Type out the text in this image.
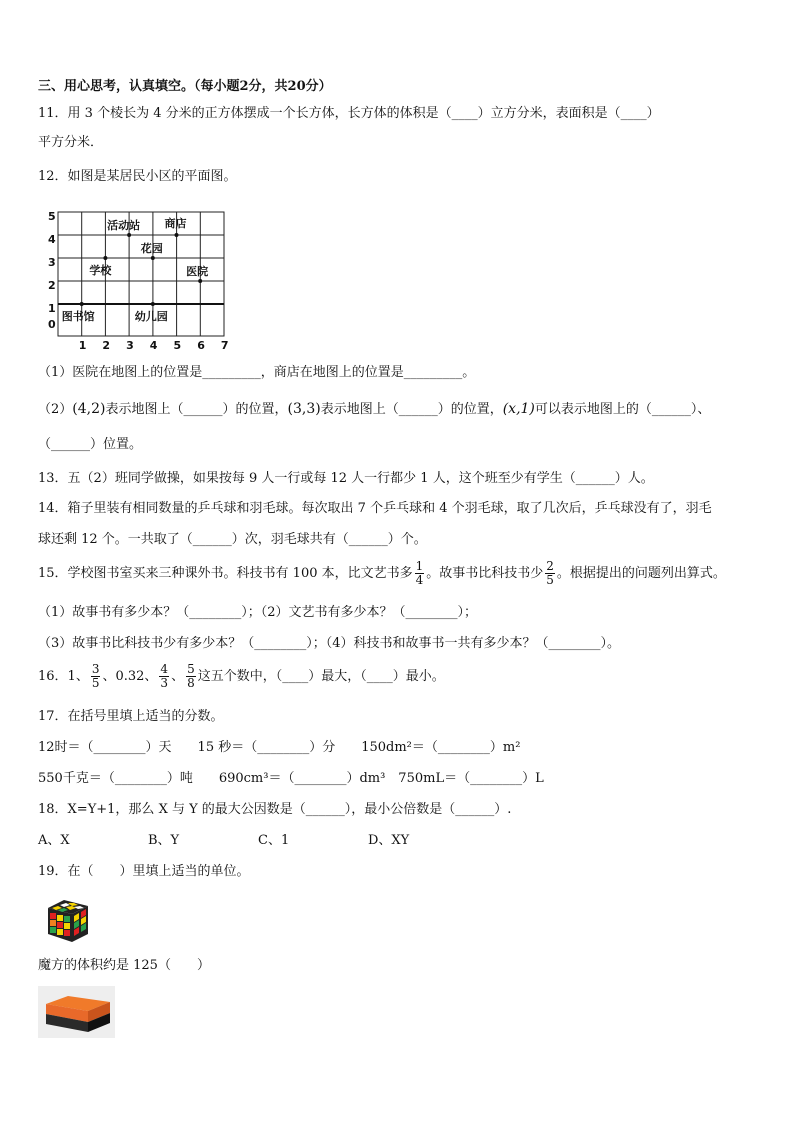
三、用心思考，认真填空。（每小题2分，共20分）
11．用 3 个棱长为 4 分米的正方体摆成一个长方体，长方体的体积是（____）立方分米，表面积是（____）
平方分米．
12．如图是某居民小区的平面图。
1 2 3 4 5 6 7
0
1
2
3
4
5
图书馆
学校
幼儿园
活动站 商店
花园
医院
（1）医院在地图上的位置是_________，商店在地图上的位置是_________。
（2）(4,2)表示地图上（______）的位置，(3,3)表示地图上（______）的位置，(x,1)可以表示地图上的（______）、
（______）位置。
13．五（2）班同学做操，如果按每 9 人一行或每 12 人一行都少 1 人，这个班至少有学生（______）人。
14．箱子里装有相同数量的乒乓球和羽毛球。每次取出 7 个乒乓球和 4 个羽毛球，取了几次后，乒乓球没有了，羽毛
球还剩 12 个。一共取了（______）次，羽毛球共有（______）个。
15．学校图书室买来三种课外书。科技书有 100 本，比文艺书多 $\frac{1}{4}$ 。故事书比科技书少 $\frac{2}{5}$ 。根据提出的问题列出算式。
（1）故事书有多少本？（________）；（2）文艺书有多少本？（________）；
（3）故事书比科技书少有多少本？（________）；（4）科技书和故事书一共有多少本？（________）。
16．1、 $\frac{3}{5}$ 、0.32、 $\frac{4}{3}$ 、 $\frac{5}{8}$ 这五个数中，（____）最大，（____）最小。
17．在括号里填上适当的分数。
12时＝（________）天　　15 秒＝（________）分　　150dm²＝（________）m²
550千克＝（________）吨　　690cm³＝（________）dm³　750mL＝（________）L
18．X=Y+1，那么 X 与 Y 的最大公因数是（______），最小公倍数是（______）.
A、X	B、Y	C、1	D、XY
19．在（　　）里填上适当的单位。
魔方的体积约是 125（　　）
